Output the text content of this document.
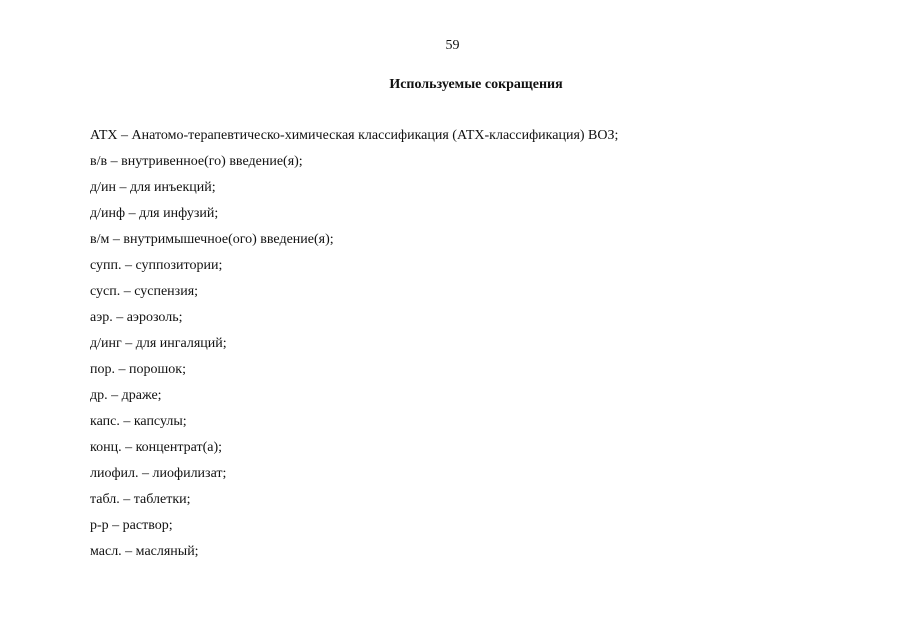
59
Используемые сокращения
АТХ – Анатомо-терапевтическо-химическая классификация (АТХ-классификация) ВОЗ;
в/в – внутривенное(го) введение(я);
д/ин – для инъекций;
д/инф – для инфузий;
в/м – внутримышечное(ого) введение(я);
супп. – суппозитории;
сусп. – суспензия;
аэр. – аэрозоль;
д/инг – для ингаляций;
пор. – порошок;
др. – драже;
капс. – капсулы;
конц. – концентрат(а);
лиофил. – лиофилизат;
табл. – таблетки;
р-р – раствор;
масл. – масляный;
